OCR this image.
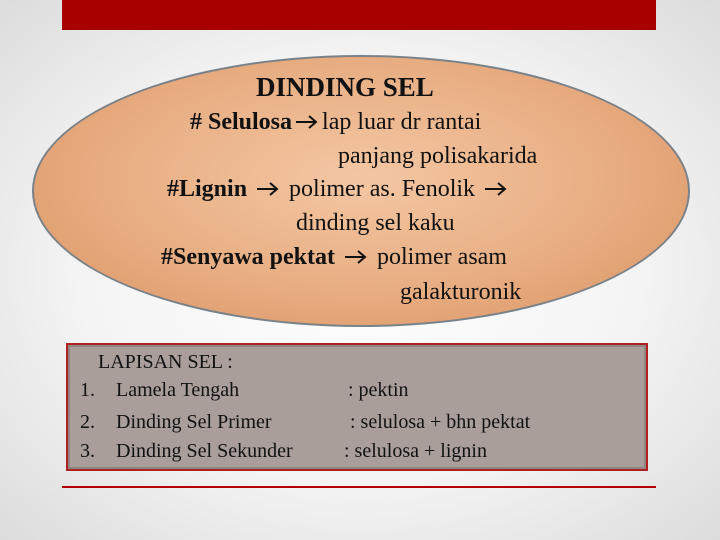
DINDING SEL
# Selulosa lap luar dr rantai
panjang polisakarida
#Lignin polimer as. Fenolik
dinding sel kaku
#Senyawa pektat polimer asam
galakturonik
LAPISAN SEL :
1. Lamela Tengah	: pektin
2. Dinding Sel Primer	: selulosa + bhn pektat
3. Dinding Sel Sekunder	: selulosa + lignin
